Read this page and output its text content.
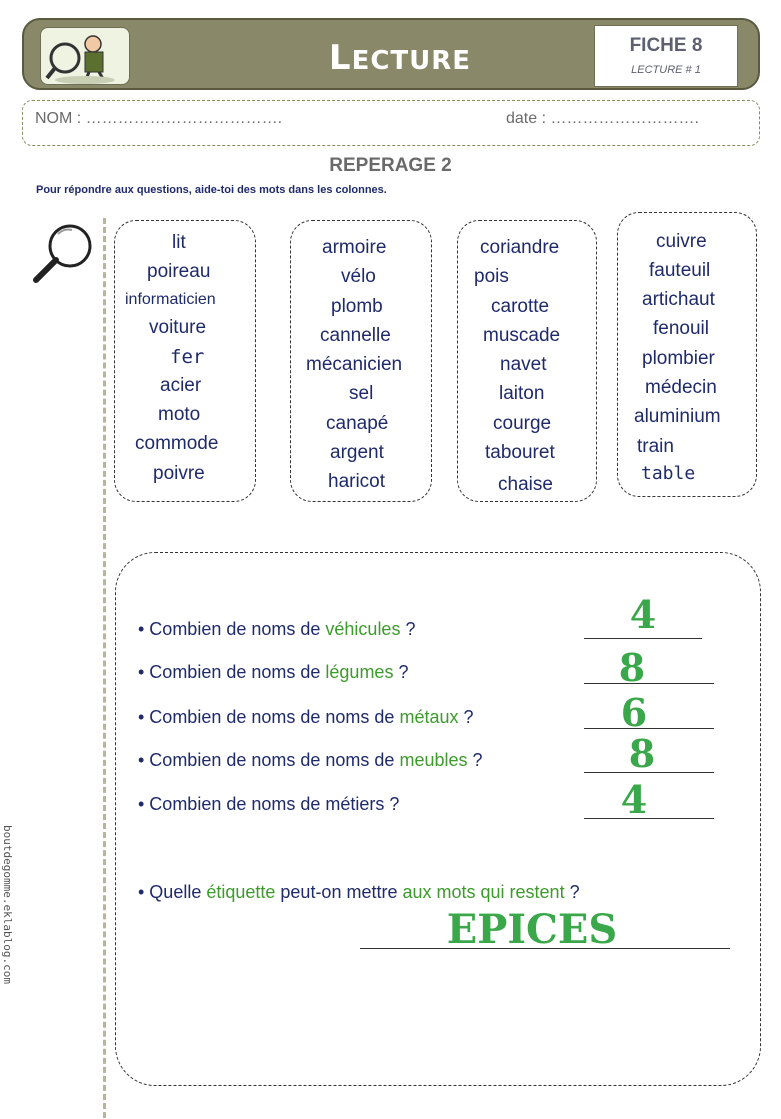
LECTURE
FICHE 8
LECTURE # 1
NOM : ……………………………….	date : ……………………….
REPERAGE 2
Pour répondre aux questions, aide-toi des mots dans les colonnes.
lit
poireau
informaticien
voiture
fer
acier
moto
commode
poivre
armoire
vélo
plomb
cannelle
mécanicien
sel
canapé
argent
haricot
coriandre
pois
carotte
muscade
navet
laiton
courge
tabouret
chaise
cuivre
fauteuil
artichaut
fenouil
plombier
médecin
aluminium
train
table
• Combien de noms de véhicules ?	4
• Combien de noms de légumes ?	8
• Combien de noms de noms de métaux ?	6
• Combien de noms de noms de meubles ?	8
• Combien de noms de métiers ?	4
• Quelle étiquette peut-on mettre aux mots qui restent ?
EPICES
boutdegomme.eklablog.com
